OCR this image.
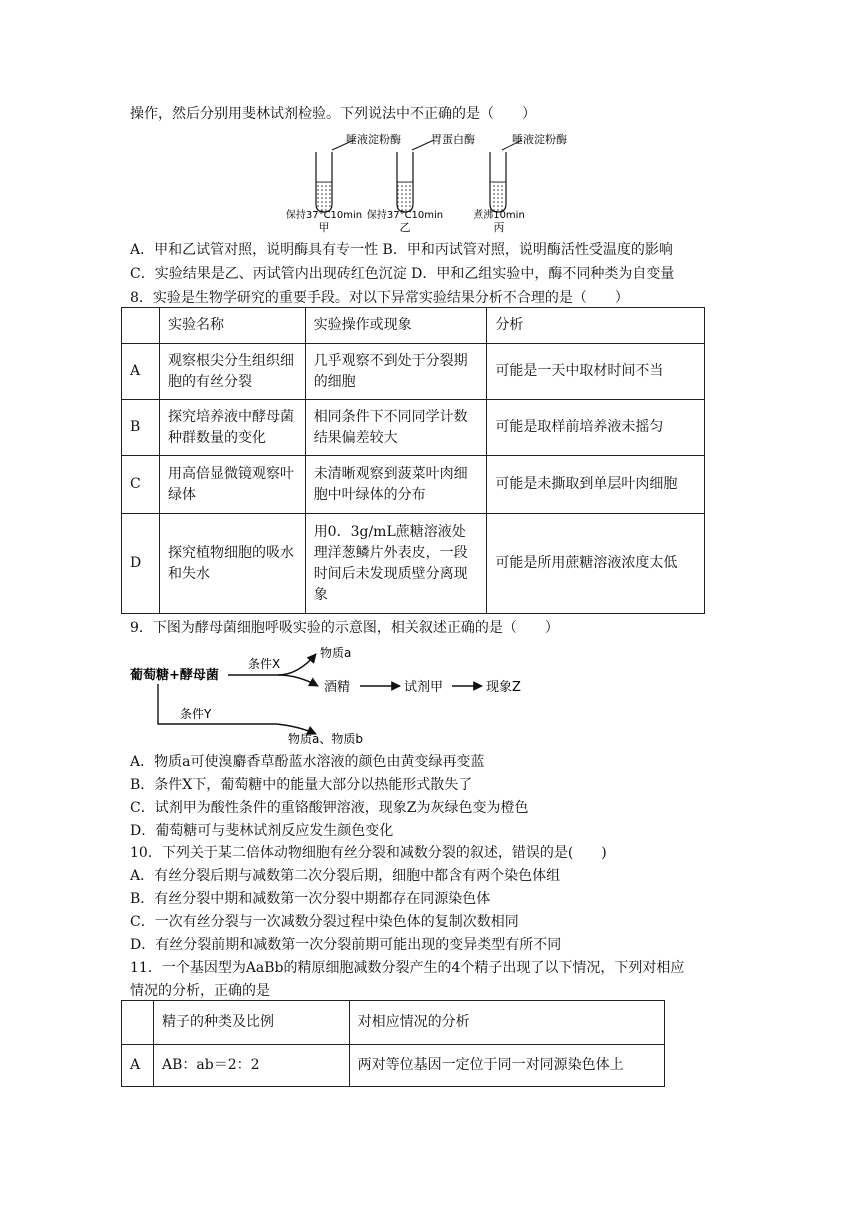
操作，然后分别用斐林试剂检验。下列说法中不正确的是（　　）
唾液淀粉酶	胃蛋白酶	唾液淀粉酶
保持37°C10min 保持37°C10min	煮沸10min
甲	乙	丙
A．甲和乙试管对照，说明酶具有专一性 B．甲和丙试管对照，说明酶活性受温度的影响
C．实验结果是乙、丙试管内出现砖红色沉淀 D．甲和乙组实验中，酶不同种类为自变量
8．实验是生物学研究的重要手段。对以下异常实验结果分析不合理的是（　　）
	实验名称	实验操作或现象	分析
A	观察根尖分生组织细胞的有丝分裂	几乎观察不到处于分裂期的细胞	可能是一天中取材时间不当
B	探究培养液中酵母菌种群数量的变化	相同条件下不同同学计数结果偏差较大	可能是取样前培养液未摇匀
C	用高倍显微镜观察叶绿体	未清晰观察到菠菜叶肉细胞中叶绿体的分布	可能是未撕取到单层叶肉细胞
D	探究植物细胞的吸水和失水	用0．3g/mL蔗糖溶液处理洋葱鳞片外表皮，一段时间后未发现质壁分离现象	可能是所用蔗糖溶液浓度太低
9．下图为酵母菌细胞呼吸实验的示意图，相关叙述正确的是（　　）
葡萄糖+酵母菌
条件X
物质a
酒精	试剂甲	现象Z
条件Y
物质a、物质b
A．物质a可使溴麝香草酚蓝水溶液的颜色由黄变绿再变蓝
B．条件X下，葡萄糖中的能量大部分以热能形式散失了
C．试剂甲为酸性条件的重铬酸钾溶液，现象Z为灰绿色变为橙色
D．葡萄糖可与斐林试剂反应发生颜色变化
10．下列关于某二倍体动物细胞有丝分裂和减数分裂的叙述，错误的是(　　)
A．有丝分裂后期与减数第二次分裂后期，细胞中都含有两个染色体组
B．有丝分裂中期和减数第一次分裂中期都存在同源染色体
C．一次有丝分裂与一次减数分裂过程中染色体的复制次数相同
D．有丝分裂前期和减数第一次分裂前期可能出现的变异类型有所不同
11．一个基因型为AaBb的精原细胞减数分裂产生的4个精子出现了以下情况，下列对相应
情况的分析，正确的是
	精子的种类及比例	对相应情况的分析
A	AB：ab＝2：2	两对等位基因一定位于同一对同源染色体上
